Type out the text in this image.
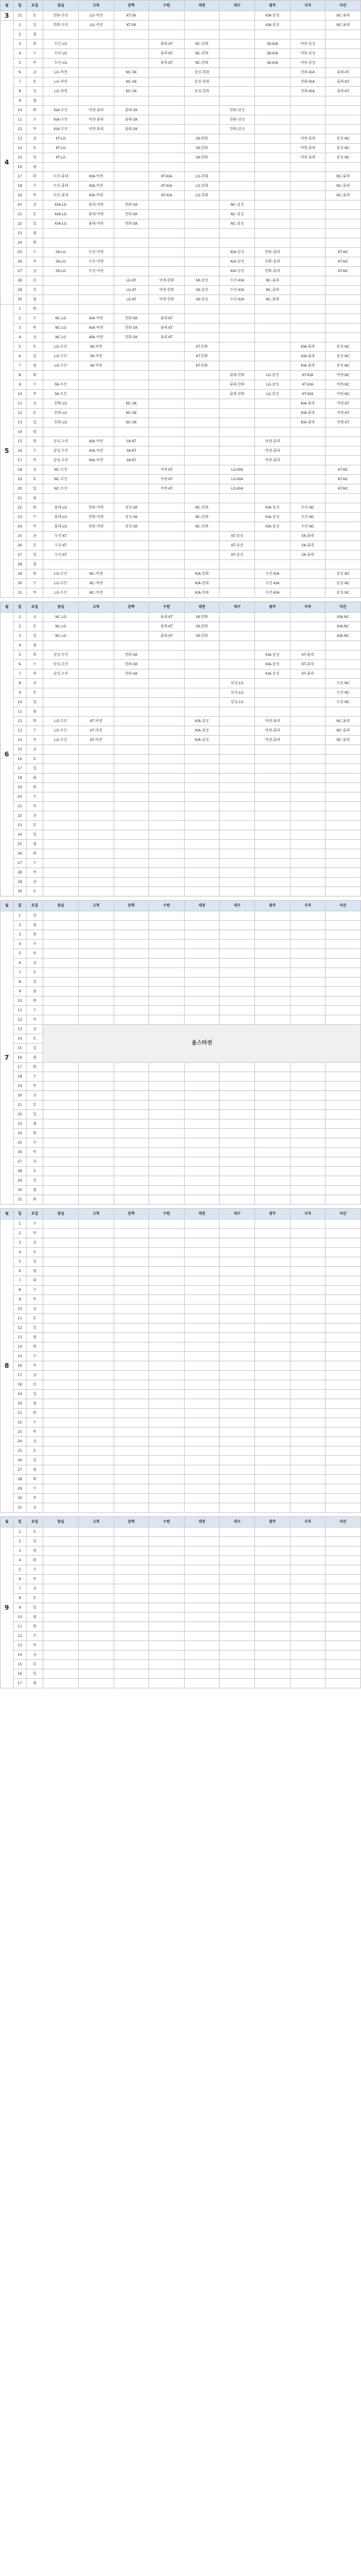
월	일	요일	잠실	고척	문학	수원	대전	대구	광주	사직	마산
3	31	토	한화-두산	LG-넥센	KT-SK				KIA-삼성		NC-롯데
4	1	일	한화-두산	LG-넥센	KT-SK				KIA-삼성		NC-롯데
	2	월									
	3	화	두산-LG			롯데-KT	NC-한화		SK-KIA	넥센-삼성	
	4	수	두산-LG			롯데-KT	NC-한화		SK-KIA	넥센-삼성	
	5	목	두산-LG			롯데-KT	NC-한화		SK-KIA	넥센-삼성	
	6	금	LG-넥센		NC-SK		삼성-한화			한화-KIA	롯데-KT
	7	토	LG-넥센		NC-SK		삼성-한화			한화-KIA	롯데-KT
	8	일	LG-넥센		NC-SK		삼성-한화			한화-KIA	롯데-KT
	9	월									
	10	화	KIA-두산	넥센-롯데	롯데-SK			한화-삼성			
	11	수	KIA-두산	넥센-롯데	롯데-SK			한화-삼성			
	12	목	KIA-두산	넥센-롯데	롯데-SK			한화-삼성			
	13	금	KT-LG				SK-한화			넥센-롯데	삼성-NC
	14	토	KT-LG				SK-한화			넥센-롯데	삼성-NC
	15	일	KT-LG				SK-한화			넥센-롯데	삼성-NC
	16	월									
	17	화	두산-롯데	KIA-넥센		KT-KIA	LG-한화				NC-롯데
	18	수	두산-롯데	KIA-넥센		KT-KIA	LG-한화				NC-롯데
	19	목	두산-롯데	KIA-넥센		KT-KIA	LG-한화				NC-롯데
	20	금	KIA-LG	롯데-넥센	한화-SK			NC-삼성			
	21	토	KIA-LG	롯데-넥센	한화-SK			NC-삼성			
	22	일	KIA-LG	롯데-넥센	한화-SK			NC-삼성			
	23	월									
	24	화									
	25	수	SK-LG	두산-넥센				KIA-삼성	한화-롯데		KT-NC
	26	목	SK-LG	두산-넥센				KIA-삼성	한화-롯데		KT-NC
	27	금	SK-LG	두산-넥센				KIA-삼성	한화-롯데		KT-NC
	28	토			LG-KT	넥센-한화	SK-삼성	두산-KIA	NC-롯데		
	29	일			LG-KT	넥센-한화	SK-삼성	두산-KIA	NC-롯데		
	30	월			LG-KT	넥센-한화	SK-삼성	두산-KIA	NC-롯데		
5	1	화									
	2	수	NC-LG	KIA-넥센	한화-SK	롯데-KT					
	3	목	NC-LG	KIA-넥센	한화-SK	롯데-KT					
	4	금	NC-LG	KIA-넥센	한화-SK	롯데-KT					
	5	토	LG-두산	SK-넥센			KT-한화			KIA-롯데	삼성-NC
	6	일	LG-두산	SK-넥센			KT-한화			KIA-롯데	삼성-NC
	7	월	LG-두산	SK-넥센			KT-한화			KIA-롯데	삼성-NC
	8	화						롯데-한화	LG-삼성	KT-KIA	넥센-NC
	9	수	SK-두산					롯데-한화	LG-삼성	KT-KIA	넥센-NC
	10	목	SK-두산					롯데-한화	LG-삼성	KT-KIA	넥센-NC
	11	금	한화-LG		NC-SK					KIA-롯데	넥센-KT
	12	토	한화-LG		NC-SK					KIA-롯데	넥센-KT
	13	일	한화-LG		NC-SK					KIA-롯데	넥센-KT
	14	월									
	15	화	삼성-두산	KIA-넥센	SK-KT				넥센-롯데		
	16	수	삼성-두산	KIA-넥센	SK-KT				넥센-롯데		
	17	목	삼성-두산	KIA-넥센	SK-KT				넥센-롯데		
	18	금	NC-두산			넥센-KT		LG-KIA			KT-NC
	19	토	NC-두산			넥센-KT		LG-KIA			KT-NC
	20	일	NC-두산			넥센-KT		LG-KIA			KT-NC
	21	월									
	22	화	롯데-LG	한화-넥센	삼성-SK		NC-한화		KIA-삼성	두산-NC	
	23	수	롯데-LG	한화-넥센	삼성-SK		NC-한화		KIA-삼성	두산-NC	
	24	목	롯데-LG	한화-넥센	삼성-SK		NC-한화		KIA-삼성	두산-NC	
	25	금	두산-KT					KT-삼성		SK-롯데	
	26	토	두산-KT					KT-삼성		SK-롯데	
	27	일	두산-KT					KT-삼성		SK-롯데	
	28	월									
	29	화	LG-두산	NC-넥센			KIA-한화		두산-KIA		삼성-NC
	30	수	LG-두산	NC-넥센			KIA-한화		두산-KIA		삼성-NC
	31	목	LG-두산	NC-넥센			KIA-한화		두산-KIA		삼성-NC

월	일	요일	잠실	고척	문학	수원	대전	대구	광주	사직	마산
6	1	금	NC-LG			롯데-KT	SK-한화				KIA-NC
	2	토	NC-LG			롯데-KT	SK-한화				KIA-NC
	3	일	NC-LG			롯데-KT	SK-한화				KIA-NC
	4	월									
	5	화	삼성-두산		한화-SK				KIA-삼성	KT-롯데	
	6	수	삼성-두산		한화-SK				KIA-삼성	KT-롯데	
	7	목	삼성-두산		한화-SK				KIA-삼성	KT-롯데	
	8	금						삼성-LG			두산-NC
	9	토						삼성-LG			두산-NC
	10	일						삼성-LG			두산-NC
	11	월									
	12	화	LG-두산	KT-넥센			KIA-삼성		넥센-롯데		NC-롯데
	13	수	LG-두산	KT-넥센			KIA-삼성		넥센-롯데		NC-롯데
	14	목	LG-두산	KT-넥센			KIA-삼성		넥센-롯데		NC-롯데
	15	금									
	16	토									
	17	일									
	18	월									
	19	화									
	20	수									
	21	목									
	22	금									
	23	토									
	24	일									
	25	월									
	26	화									
	27	수									
	28	목									
	29	금									
	30	토									

월	일	요일	잠실	고척	문학	수원	대전	대구	광주	사직	마산
7	1	일									
	2	월									
	3	화									
	4	수									
	5	목									
	6	금									
	7	토									
	8	일									
	9	월									
	10	화									
	11	수									
	12	목									
	13	금	올스타전								
	14	토									
	15	일									
	16	월									
	17	화									
	18	수									
	19	목									
	20	금									
	21	토									
	22	일									
	23	월									
	24	화									
	25	수									
	26	목									
	27	금									
	28	토									
	29	일									
	30	월									
	31	화									

월	일	요일	잠실	고척	문학	수원	대전	대구	광주	사직	마산
8	1	수									
	2	목									
	3	금									
	4	토									
	5	일									
	6	월									
	7	화									
	8	수									
	9	목									
	10	금									
	11	토									
	12	일									
	13	월									
	14	화									
	15	수									
	16	목									
	17	금									
	18	토									
	19	일									
	20	월									
	21	화									
	22	수									
	23	목									
	24	금									
	25	토									
	26	일									
	27	월									
	28	화									
	29	수									
	30	목									
	31	금									

월	일	요일	잠실	고척	문학	수원	대전	대구	광주	사직	마산
9	1	토									
	2	일									
	3	월									
	4	화									
	5	수									
	6	목									
	7	금									
	8	토									
	9	일									
	10	월									
	11	화									
	12	수									
	13	목									
	14	금									
	15	토									
	16	일									
	17	월									
